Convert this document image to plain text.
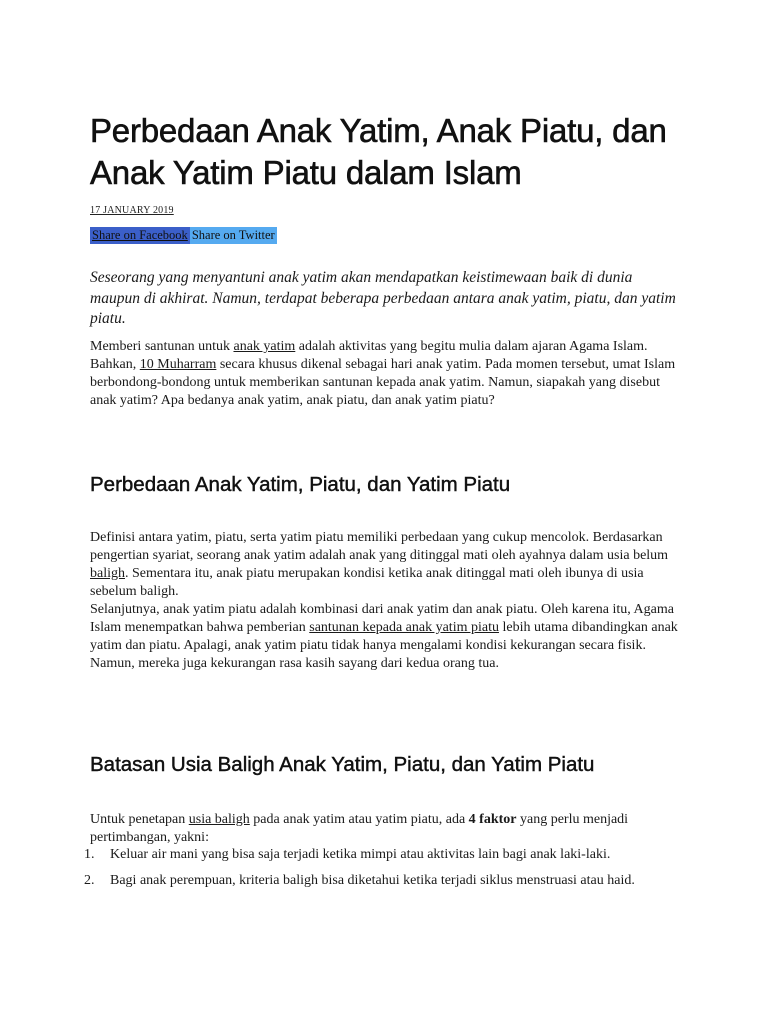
Perbedaan Anak Yatim, Anak Piatu, dan Anak Yatim Piatu dalam Islam
17 JANUARY 2019
Share on Facebook Share on Twitter

Seseorang yang menyantuni anak yatim akan mendapatkan keistimewaan baik di dunia maupun di akhirat. Namun, terdapat beberapa perbedaan antara anak yatim, piatu, dan yatim piatu.

Memberi santunan untuk anak yatim adalah aktivitas yang begitu mulia dalam ajaran Agama Islam. Bahkan, 10 Muharram secara khusus dikenal sebagai hari anak yatim. Pada momen tersebut, umat Islam berbondong-bondong untuk memberikan santunan kepada anak yatim. Namun, siapakah yang disebut anak yatim? Apa bedanya anak yatim, anak piatu, dan anak yatim piatu?

Perbedaan Anak Yatim, Piatu, dan Yatim Piatu

Definisi antara yatim, piatu, serta yatim piatu memiliki perbedaan yang cukup mencolok. Berdasarkan pengertian syariat, seorang anak yatim adalah anak yang ditinggal mati oleh ayahnya dalam usia belum baligh. Sementara itu, anak piatu merupakan kondisi ketika anak ditinggal mati oleh ibunya di usia sebelum baligh.

Selanjutnya, anak yatim piatu adalah kombinasi dari anak yatim dan anak piatu. Oleh karena itu, Agama Islam menempatkan bahwa pemberian santunan kepada anak yatim piatu lebih utama dibandingkan anak yatim dan piatu. Apalagi, anak yatim piatu tidak hanya mengalami kondisi kekurangan secara fisik. Namun, mereka juga kekurangan rasa kasih sayang dari kedua orang tua.

Batasan Usia Baligh Anak Yatim, Piatu, dan Yatim Piatu

Untuk penetapan usia baligh pada anak yatim atau yatim piatu, ada 4 faktor yang perlu menjadi pertimbangan, yakni:

1. Keluar air mani yang bisa saja terjadi ketika mimpi atau aktivitas lain bagi anak laki-laki.
2. Bagi anak perempuan, kriteria baligh bisa diketahui ketika terjadi siklus menstruasi atau haid.
